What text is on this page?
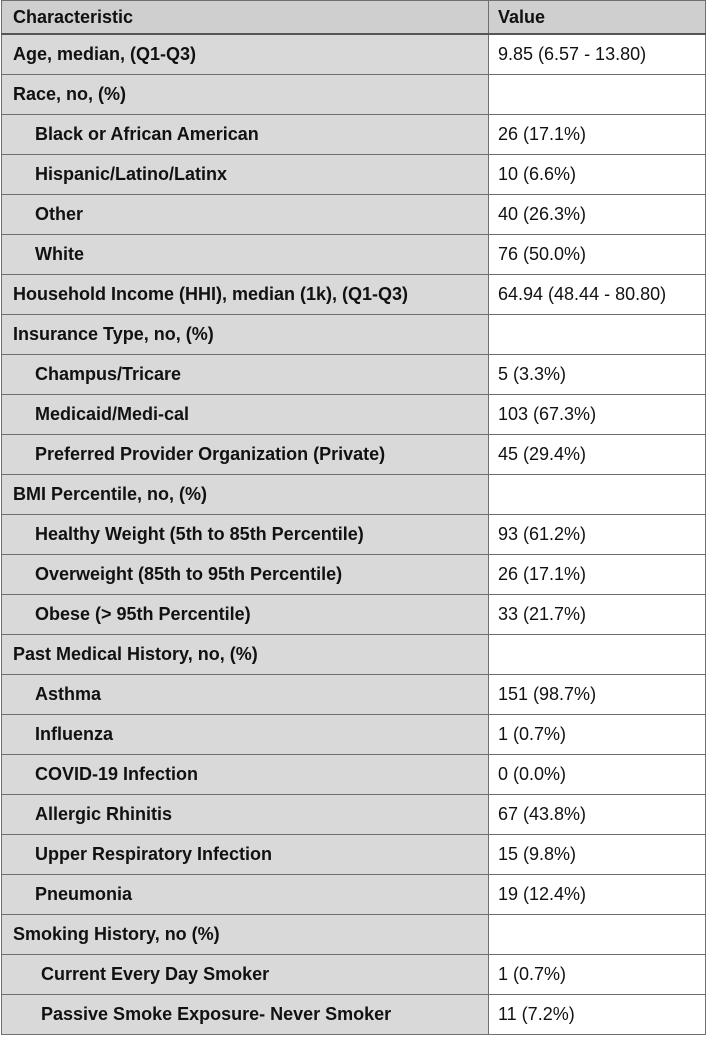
Characteristic	Value
Age, median, (Q1-Q3)	9.85 (6.57 - 13.80)
Race, no, (%)	
Black or African American	26 (17.1%)
Hispanic/Latino/Latinx	10 (6.6%)
Other	40 (26.3%)
White	76 (50.0%)
Household Income (HHI), median (1k), (Q1-Q3)	64.94 (48.44 - 80.80)
Insurance Type, no, (%)	
Champus/Tricare	5 (3.3%)
Medicaid/Medi-cal	103 (67.3%)
Preferred Provider Organization (Private)	45 (29.4%)
BMI Percentile, no, (%)	
Healthy Weight (5th to 85th Percentile)	93 (61.2%)
Overweight (85th to 95th Percentile)	26 (17.1%)
Obese (> 95th Percentile)	33 (21.7%)
Past Medical History, no, (%)	
Asthma	151 (98.7%)
Influenza	1 (0.7%)
COVID-19 Infection	0 (0.0%)
Allergic Rhinitis	67 (43.8%)
Upper Respiratory Infection	15 (9.8%)
Pneumonia	19 (12.4%)
Smoking History, no (%)	
Current Every Day Smoker	1 (0.7%)
Passive Smoke Exposure- Never Smoker	11 (7.2%)
